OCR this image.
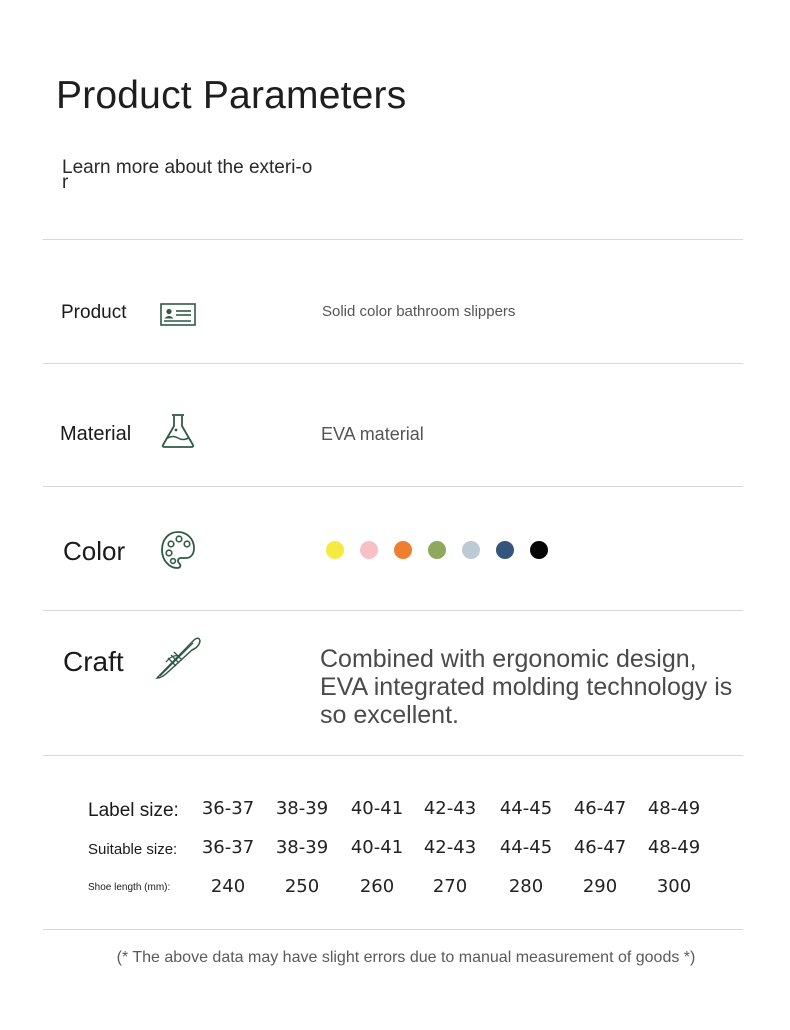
Product Parameters
Learn more about the exteri-or
Product	Solid color bathroom slippers
Material	EVA material
Color
Craft	Combined with ergonomic design, EVA integrated molding technology is so excellent.
Label size:	36-37	38-39	40-41	42-43	44-45	46-47	48-49
Suitable size:	36-37	38-39	40-41	42-43	44-45	46-47	48-49
Shoe length (mm):	240	250	260	270	280	290	300
(* The above data may have slight errors due to manual measurement of goods *)
